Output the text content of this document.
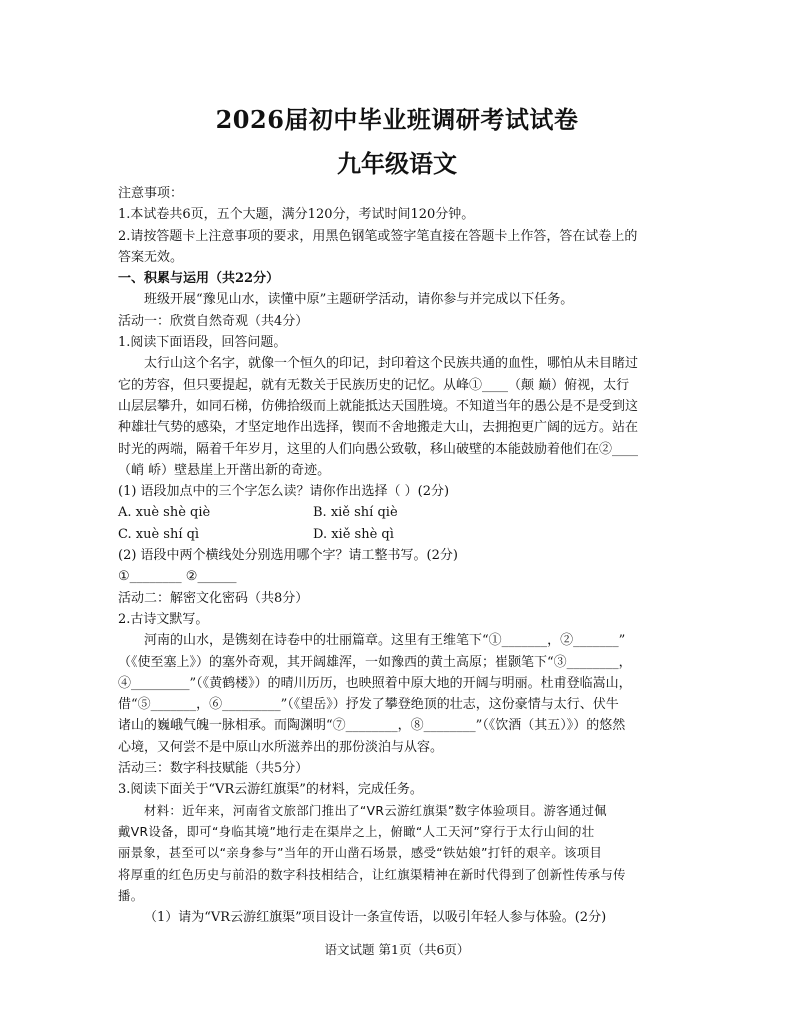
2026届初中毕业班调研考试试卷
九年级语文
注意事项：
1.本试卷共6页，五个大题，满分120分，考试时间120分钟。
2.请按答题卡上注意事项的要求，用黑色钢笔或签字笔直接在答题卡上作答，答在试卷上的
答案无效。
一、积累与运用（共22分）
班级开展“豫见山水，读懂中原”主题研学活动，请你参与并完成以下任务。
活动一：欣赏自然奇观（共4分）
1.阅读下面语段，回答问题。
太行山这个名字，就像一个恒久的印记，封印着这个民族共通的血性，哪怕从未目睹过
它的芳容，但只要提起，就有无数关于民族历史的记忆。从峰①____（颠 巅）俯视，太行
山层层攀升，如同石梯，仿佛拾级而上就能抵达天国胜境。不知道当年的愚公是不是受到这
种雄壮气势的感染，才坚定地作出选择，锲而不舍地搬走大山，去拥抱更广阔的远方。站在
时光的两端，隔着千年岁月，这里的人们向愚公致敬，移山破壁的本能鼓励着他们在②____
（峭 峤）壁悬崖上开凿出新的奇迹。
(1) 语段加点中的三个字怎么读？请你作出选择（ ）(2分)
A. xuè shè qiè	B. xiě shí qiè
C. xuè shí qì	D. xiě shè qì
(2) 语段中两个横线处分别选用哪个字？请工整书写。(2分)
①________ ②______
活动二：解密文化密码（共8分）
2.古诗文默写。
河南的山水，是镌刻在诗卷中的壮丽篇章。这里有王维笔下“①_______，②_______”
（《使至塞上》）的塞外奇观，其开阔雄浑，一如豫西的黄土高原；崔颢笔下“③________，
④_________”（《黄鹤楼》）的晴川历历，也映照着中原大地的开阔与明丽。杜甫登临嵩山，
借“⑤_______，⑥_________”（《望岳》）抒发了攀登绝顶的壮志，这份豪情与太行、伏牛
诸山的巍峨气魄一脉相承。而陶渊明“⑦________，⑧________”（《饮酒（其五）》）的悠然
心境，又何尝不是中原山水所滋养出的那份淡泊与从容。
活动三：数字科技赋能（共5分）
3.阅读下面关于“VR云游红旗渠”的材料，完成任务。
材料：近年来，河南省文旅部门推出了“VR云游红旗渠”数字体验项目。游客通过佩
戴VR设备，即可“身临其境”地行走在渠岸之上，俯瞰“人工天河”穿行于太行山间的壮
丽景象，甚至可以“亲身参与”当年的开山凿石场景，感受“铁姑娘”打钎的艰辛。该项目
将厚重的红色历史与前沿的数字科技相结合，让红旗渠精神在新时代得到了创新性传承与传
播。
（1）请为“VR云游红旗渠”项目设计一条宣传语，以吸引年轻人参与体验。(2分)
语文试题 第1页（共6页）
